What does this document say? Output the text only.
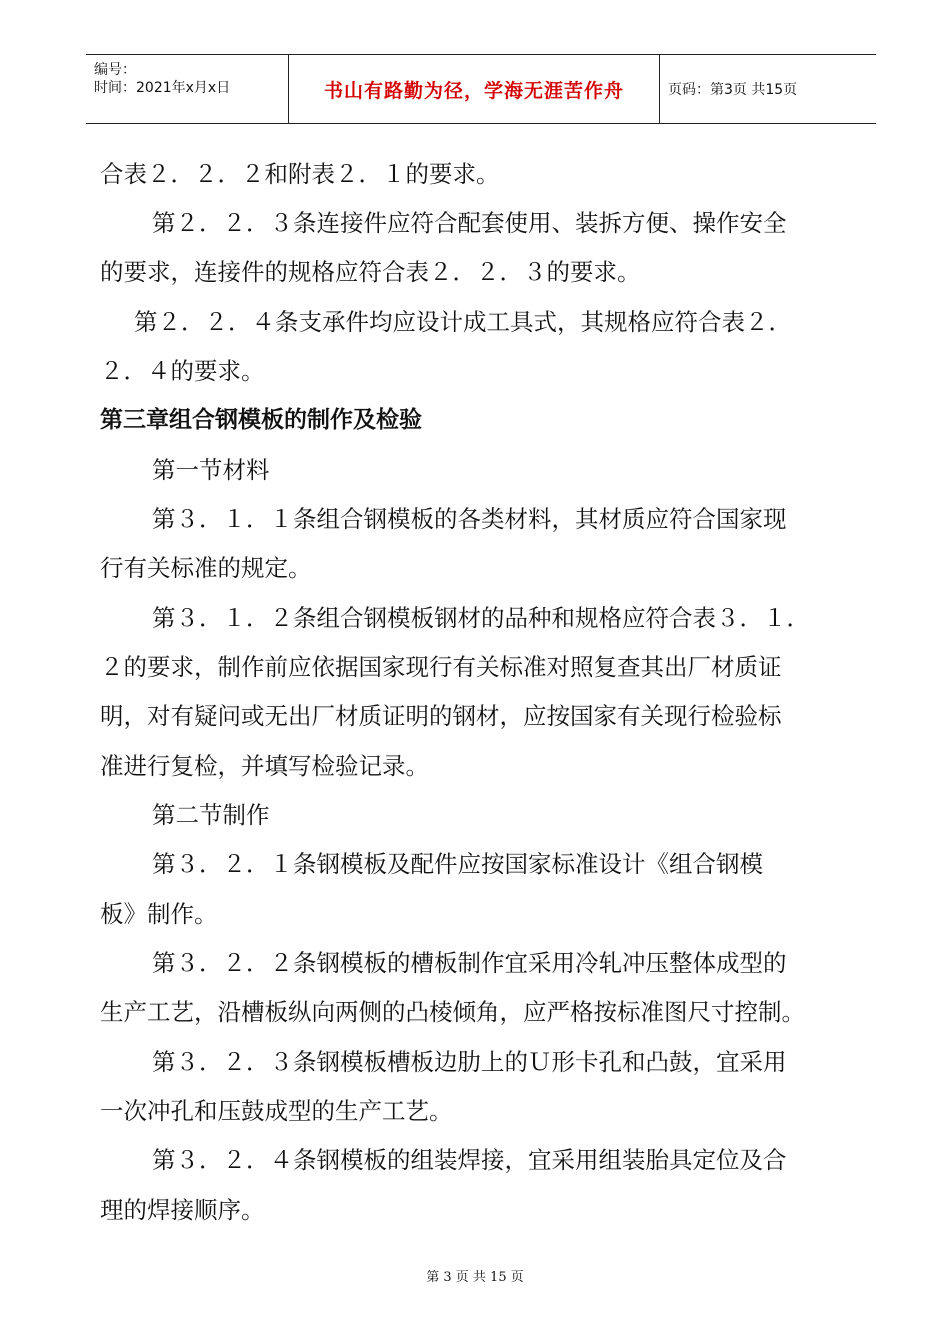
编号：
时间：2021年x月x日	书山有路勤为径，学海无涯苦作舟	页码：第3页 共15页
合表２．２．２和附表２．１的要求。
第２．２．３条连接件应符合配套使用、装拆方便、操作安全
的要求，连接件的规格应符合表２．２．３的要求。
第２．２．４条支承件均应设计成工具式，其规格应符合表２．
２．４的要求。
第三章组合钢模板的制作及检验
第一节材料
第３．１．１条组合钢模板的各类材料，其材质应符合国家现
行有关标准的规定。
第３．１．２条组合钢模板钢材的品种和规格应符合表３．１．
２的要求，制作前应依据国家现行有关标准对照复查其出厂材质证
明，对有疑问或无出厂材质证明的钢材，应按国家有关现行检验标
准进行复检，并填写检验记录。
第二节制作
第３．２．１条钢模板及配件应按国家标准设计《组合钢模
板》制作。
第３．２．２条钢模板的槽板制作宜采用冷轧冲压整体成型的
生产工艺，沿槽板纵向两侧的凸棱倾角，应严格按标准图尺寸控制。
第３．２．３条钢模板槽板边肋上的Ｕ形卡孔和凸鼓，宜采用
一次冲孔和压鼓成型的生产工艺。
第３．２．４条钢模板的组装焊接，宜采用组装胎具定位及合
理的焊接顺序。
第 3 页 共 15 页
